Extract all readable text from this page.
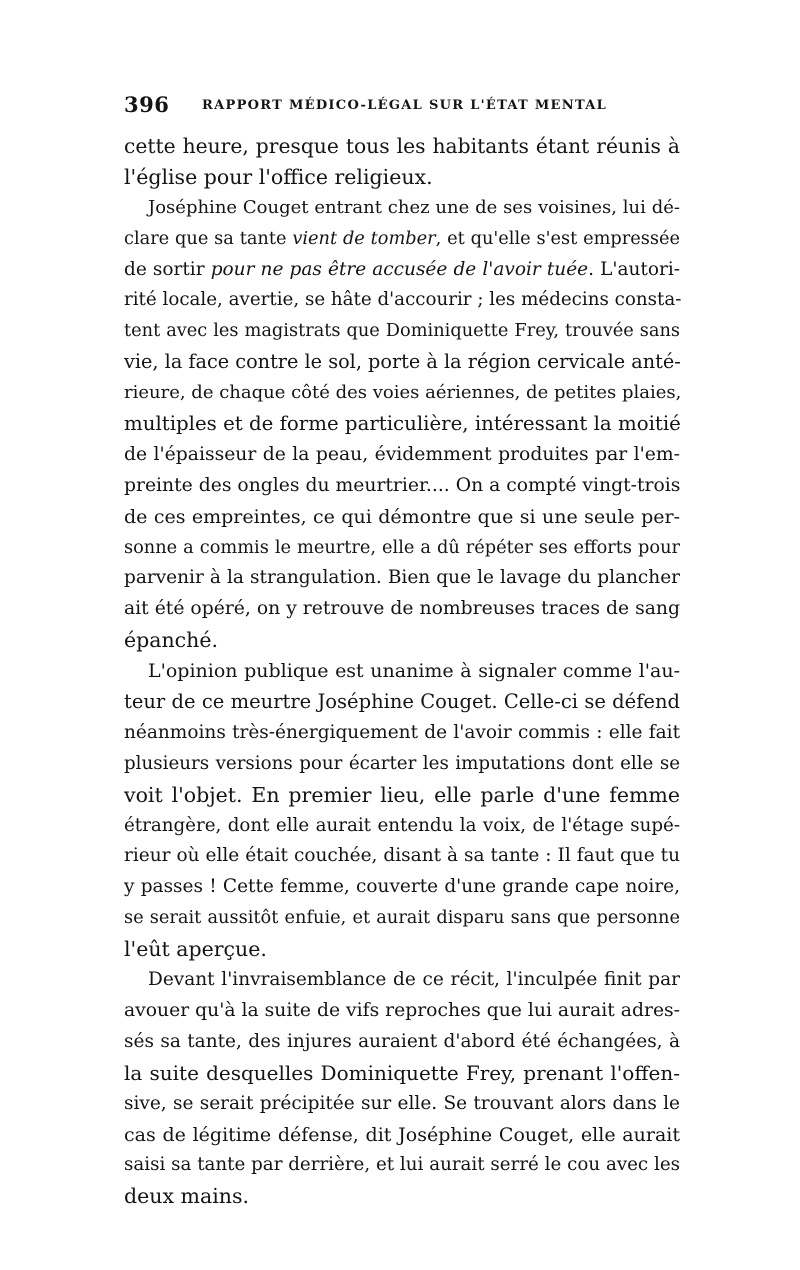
396	RAPPORT MÉDICO-LÉGAL SUR L'ÉTAT MENTAL
cette heure, presque tous les habitants étant réunis à
l'église pour l'office religieux.
Joséphine Couget entrant chez une de ses voisines, lui dé-
clare que sa tante vient de tomber, et qu'elle s'est empressée
de sortir pour ne pas être accusée de l'avoir tuée. L'autori-
rité locale, avertie, se hâte d'accourir ; les médecins consta-
tent avec les magistrats que Dominiquette Frey, trouvée sans
vie, la face contre le sol, porte à la région cervicale anté-
rieure, de chaque côté des voies aériennes, de petites plaies,
multiples et de forme particulière, intéressant la moitié
de l'épaisseur de la peau, évidemment produites par l'em-
preinte des ongles du meurtrier.... On a compté vingt-trois
de ces empreintes, ce qui démontre que si une seule per-
sonne a commis le meurtre, elle a dû répéter ses efforts pour
parvenir à la strangulation. Bien que le lavage du plancher
ait été opéré, on y retrouve de nombreuses traces de sang
épanché.
L'opinion publique est unanime à signaler comme l'au-
teur de ce meurtre Joséphine Couget. Celle-ci se défend
néanmoins très-énergiquement de l'avoir commis : elle fait
plusieurs versions pour écarter les imputations dont elle se
voit l'objet. En premier lieu, elle parle d'une femme
étrangère, dont elle aurait entendu la voix, de l'étage supé-
rieur où elle était couchée, disant à sa tante : Il faut que tu
y passes ! Cette femme, couverte d'une grande cape noire,
se serait aussitôt enfuie, et aurait disparu sans que personne
l'eût aperçue.
Devant l'invraisemblance de ce récit, l'inculpée finit par
avouer qu'à la suite de vifs reproches que lui aurait adres-
sés sa tante, des injures auraient d'abord été échangées, à
la suite desquelles Dominiquette Frey, prenant l'offen-
sive, se serait précipitée sur elle. Se trouvant alors dans le
cas de légitime défense, dit Joséphine Couget, elle aurait
saisi sa tante par derrière, et lui aurait serré le cou avec les
deux mains.
